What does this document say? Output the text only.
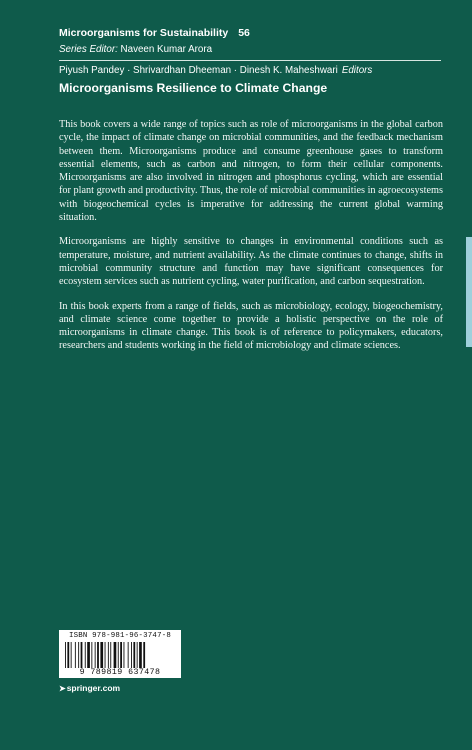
Microorganisms for Sustainability 56

Series Editor: Naveen Kumar Arora

Piyush Pandey · Shrivardhan Dheeman · Dinesh K. Maheshwari Editors

Microorganisms Resilience to Climate Change

This book covers a wide range of topics such as role of microorganisms in the global carbon cycle, the impact of climate change on microbial communities, and the feedback mechanism between them. Microorganisms produce and consume greenhouse gases to transform essential elements, such as carbon and nitrogen, to form their cellular components. Microorganisms are also involved in nitrogen and phosphorus cycling, which are essential for plant growth and productivity. Thus, the role of microbial communities in agroecosystems with biogeochemical cycles is imperative for addressing the current global warming situation.

Microorganisms are highly sensitive to changes in environmental conditions such as temperature, moisture, and nutrient availability. As the climate continues to change, shifts in microbial community structure and function may have significant consequences for ecosystem services such as nutrient cycling, water purification, and carbon sequestration.

In this book experts from a range of fields, such as microbiology, ecology, biogeochemistry, and climate science come together to provide a holistic perspective on the role of microorganisms in climate change. This book is of reference to policymakers, educators, researchers and students working in the field of microbiology and climate sciences.

ISBN 978-981-96-3747-8
9 789819 637478
➤springer.com
